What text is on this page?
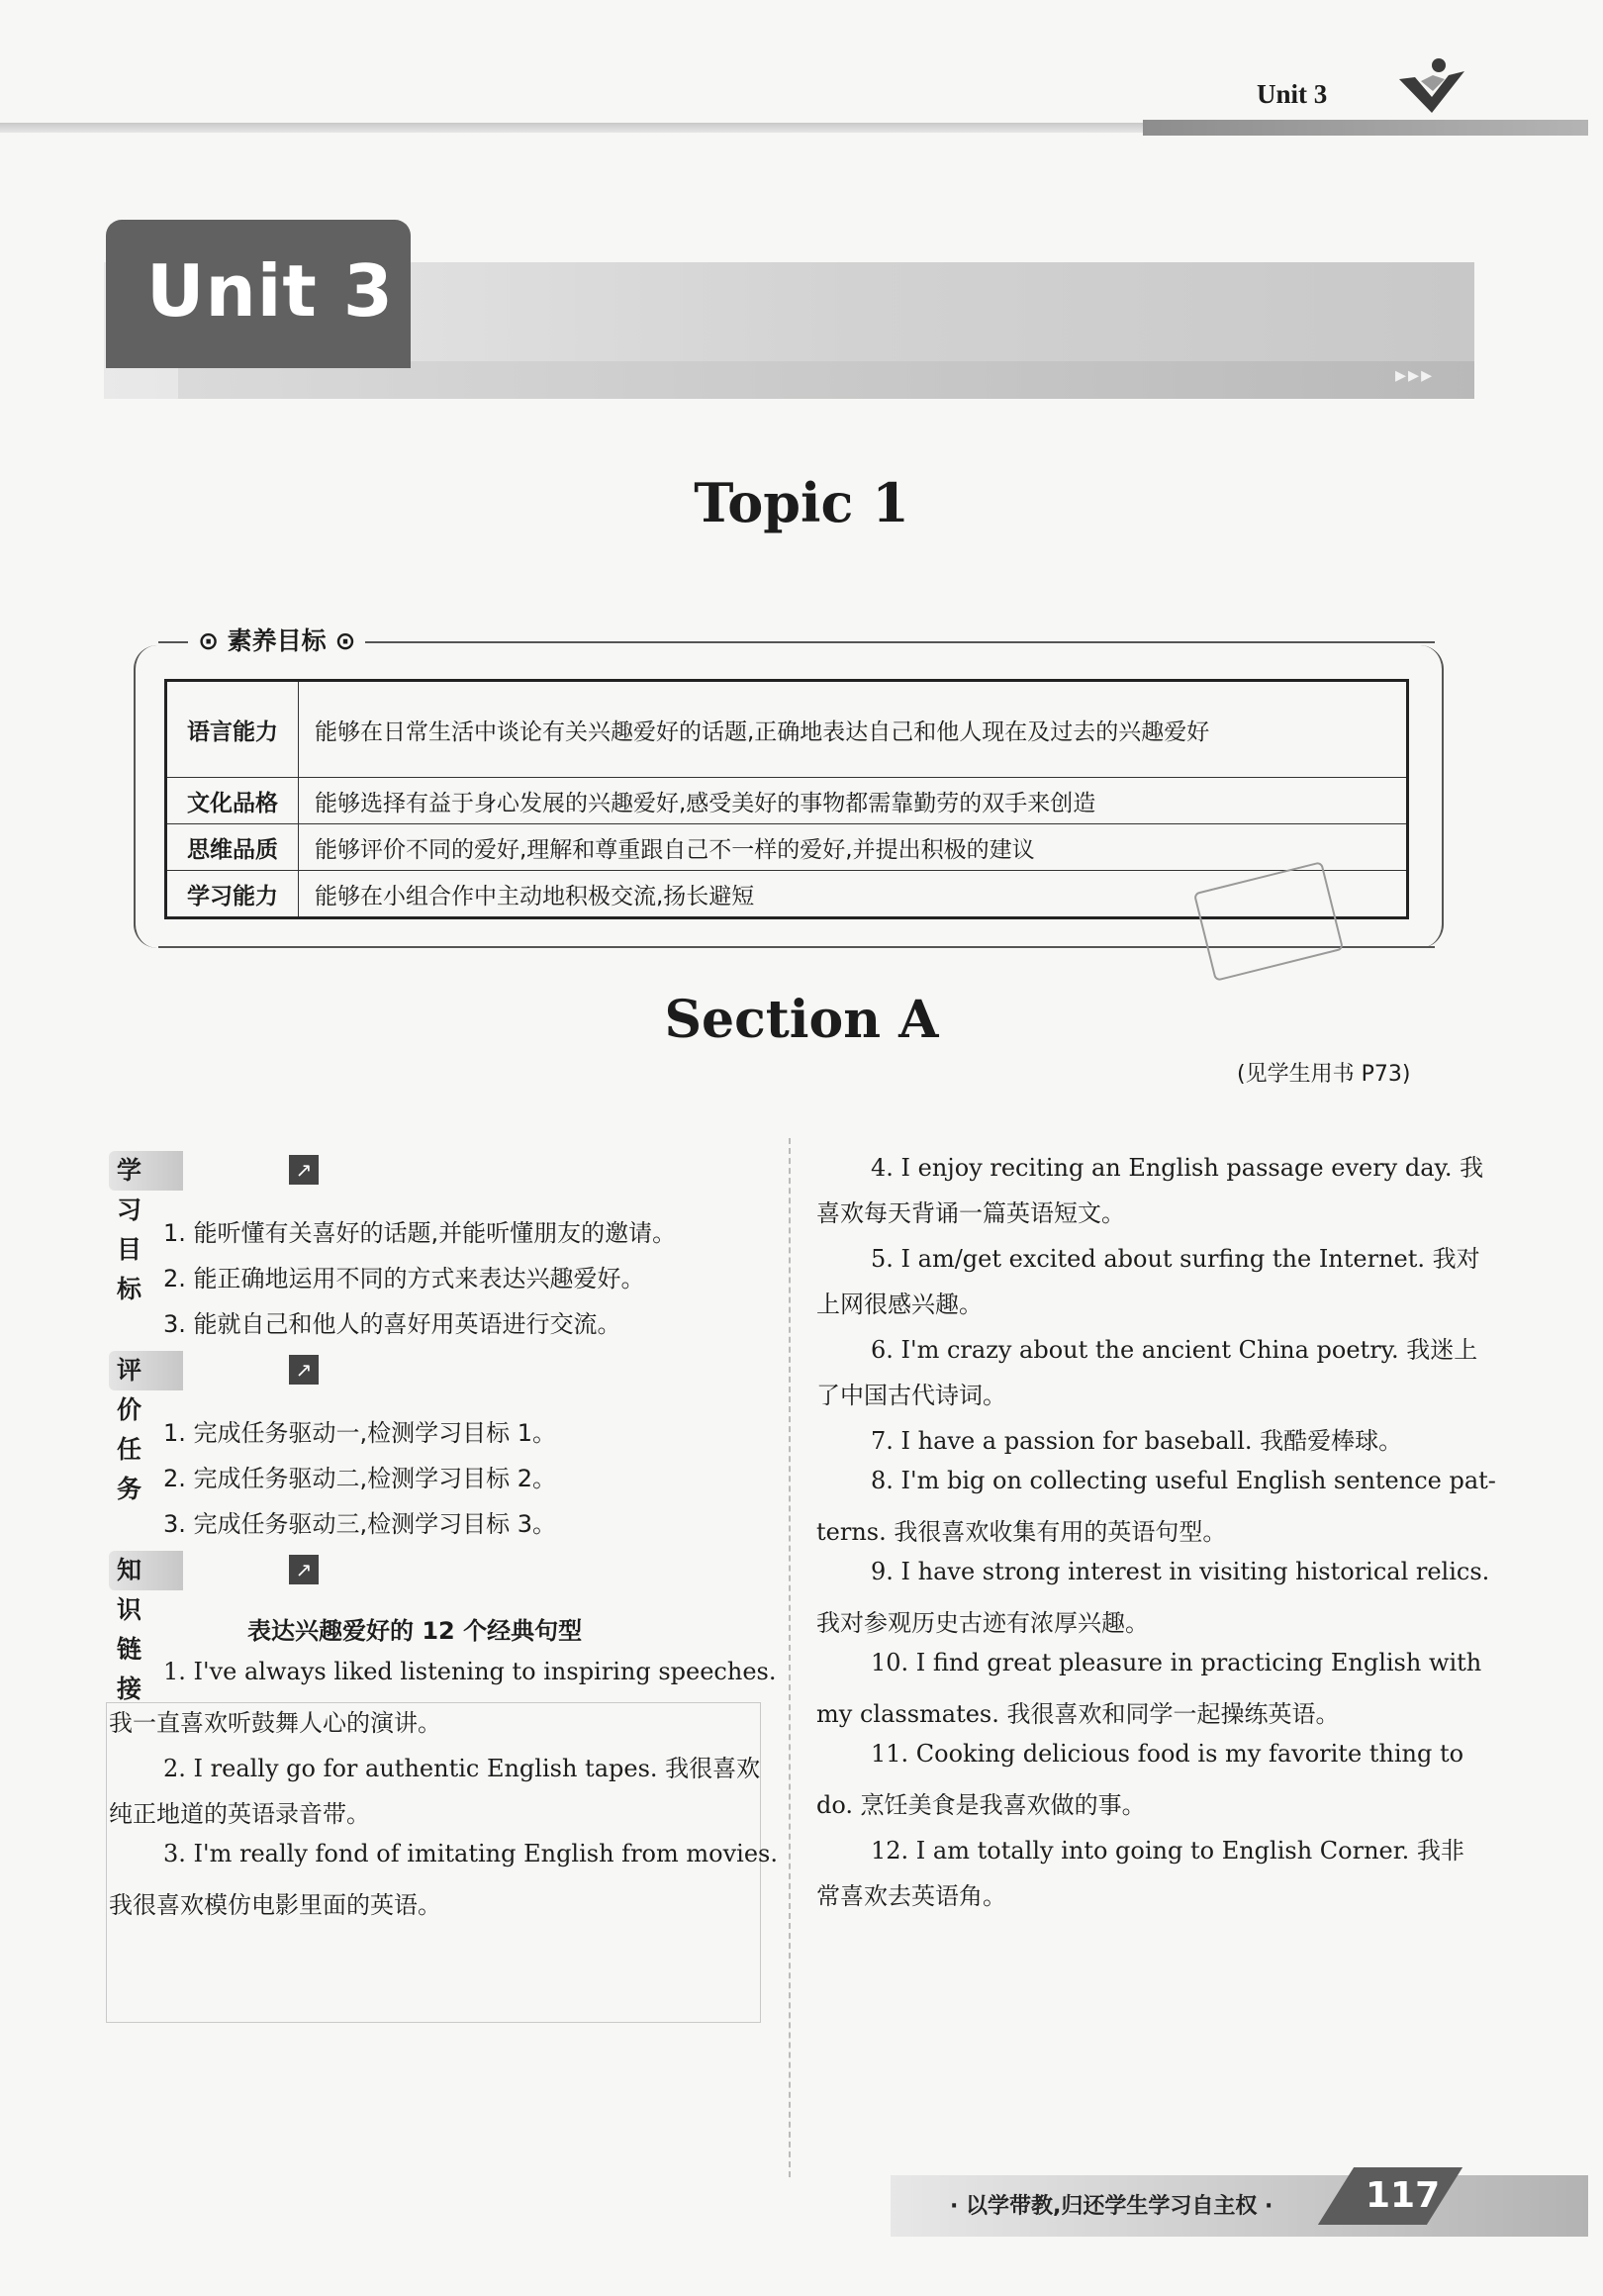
Unit 3
▸▸▸
Unit 3
Topic 1
⊙ 素养目标 ⊙
语言能力	能够在日常生活中谈论有关兴趣爱好的话题,正确地表达自己和他人现在及过去的兴趣爱好
文化品格	能够选择有益于身心发展的兴趣爱好,感受美好的事物都需靠勤劳的双手来创造
思维品质	能够评价不同的爱好,理解和尊重跟自己不一样的爱好,并提出积极的建议
学习能力	能够在小组合作中主动地积极交流,扬长避短
Section A
(见学生用书 P73)
学习目标
↗
1. 能听懂有关喜好的话题,并能听懂朋友的邀请。
2. 能正确地运用不同的方式来表达兴趣爱好。
3. 能就自己和他人的喜好用英语进行交流。
评价任务
↗
1. 完成任务驱动一,检测学习目标 1。
2. 完成任务驱动二,检测学习目标 2。
3. 完成任务驱动三,检测学习目标 3。
知识链接
↗
表达兴趣爱好的 12 个经典句型
1. I've always liked listening to inspiring speeches.
我一直喜欢听鼓舞人心的演讲。
2. I really go for authentic English tapes. 我很喜欢
纯正地道的英语录音带。
3. I'm really fond of imitating English from movies.
我很喜欢模仿电影里面的英语。
4. I enjoy reciting an English passage every day. 我
喜欢每天背诵一篇英语短文。
5. I am/get excited about surfing the Internet. 我对
上网很感兴趣。
6. I'm crazy about the ancient China poetry. 我迷上
了中国古代诗词。
7. I have a passion for baseball. 我酷爱棒球。
8. I'm big on collecting useful English sentence pat-
terns. 我很喜欢收集有用的英语句型。
9. I have strong interest in visiting historical relics.
我对参观历史古迹有浓厚兴趣。
10. I find great pleasure in practicing English with
my classmates. 我很喜欢和同学一起操练英语。
11. Cooking delicious food is my favorite thing to
do. 烹饪美食是我喜欢做的事。
12. I am totally into going to English Corner. 我非
常喜欢去英语角。
· 以学带教,归还学生学习自主权 ·	117
